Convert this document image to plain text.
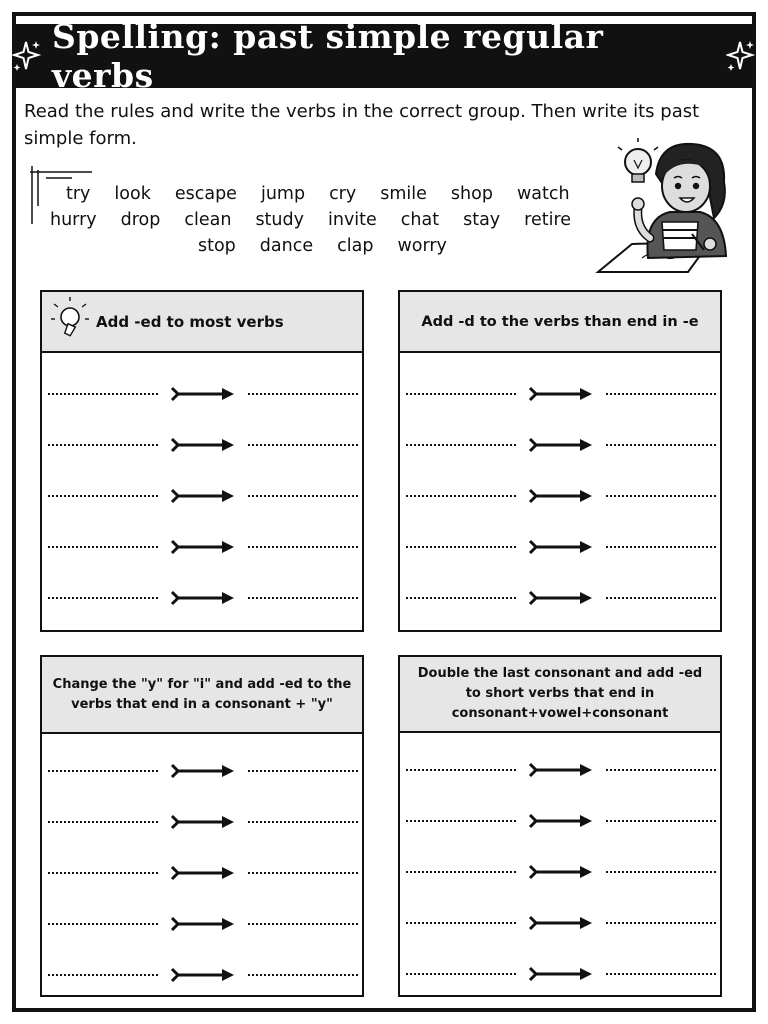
Spelling: past simple regular verbs
Read the rules and write the verbs in the correct group. Then write its past simple form.
try look escape jump cry smile shop watch
hurry drop clean study invite chat stay retire
stop dance clap worry
Add -ed to most verbs	Add -d to the verbs than end in -e
Change the "y" for "i" and add -ed to the verbs that end in a consonant + "y"
Double the last consonant and add -ed to short verbs that end in consonant+vowel+consonant
